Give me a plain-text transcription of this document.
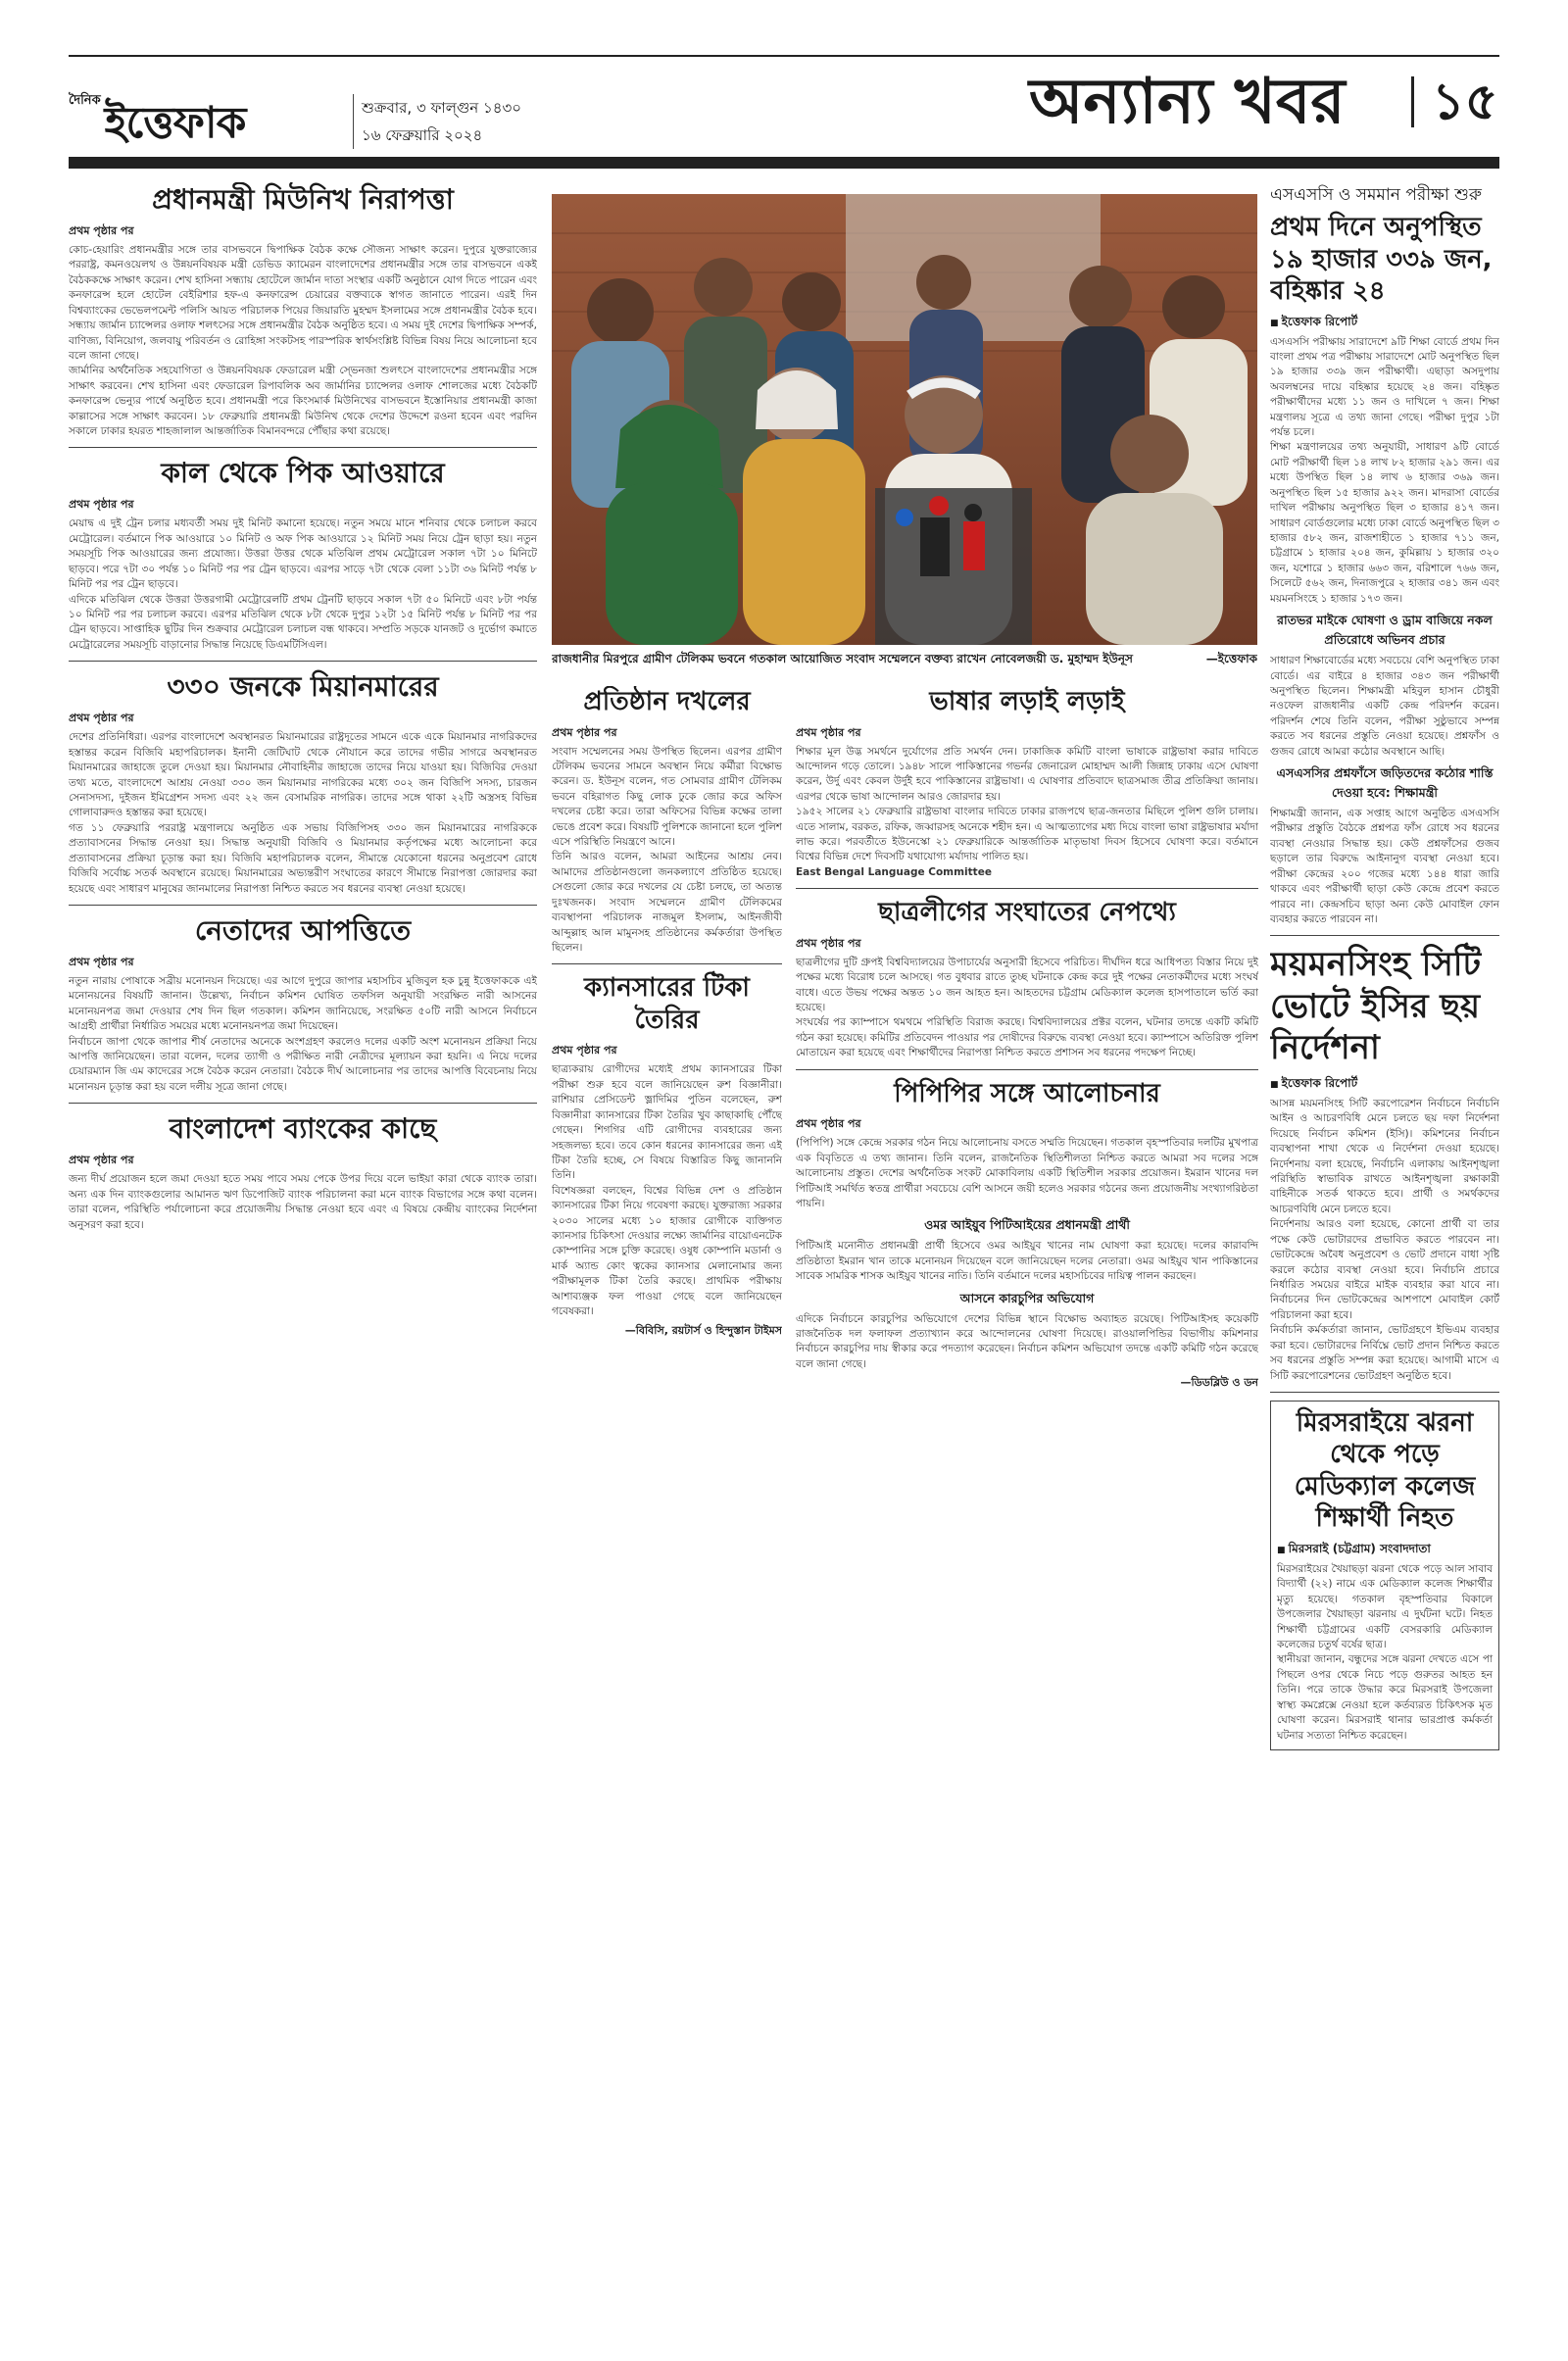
দৈনিক ইত্তেফাক	শুক্রবার, ৩ ফাল্গুন ১৪৩০
১৬ ফেব্রুয়ারি ২০২৪	অন্যান্য খবর	১৫
প্রধানমন্ত্রী মিউনিখ নিরাপত্তা
প্রথম পৃষ্ঠার পর

কোচ-হেয়ারিং প্রধানমন্ত্রীর সঙ্গে তার বাসভবনে দ্বিপাক্ষিক বৈঠক কক্ষে সৌজন্য সাক্ষাৎ করেন। দুপুরে যুক্তরাজ্যের পররাষ্ট্র, কমনওয়েলথ ও উন্নয়নবিষয়ক মন্ত্রী ডেভিড ক্যামেরন বাংলাদেশের প্রধানমন্ত্রীর সঙ্গে তার বাসভবনে একই বৈঠককক্ষে সাক্ষাৎ করেন। শেখ হাসিনা সন্ধ্যায় হোটেলে জার্মান দাতা সংস্থার একটি অনুষ্ঠানে যোগ দিতে পারেন এবং কনফারেন্স হলে হোটেল বেইরিশার হফ-এ কনফারেন্স চেয়ারের বক্তব্যকে স্বাগত জানাতে পারেন। এরই দিন বিশ্বব্যাংকের ভেভেলপমেন্ট পলিসি আয়ত পরিচালক পিয়ের জিয়ারতি মুহম্মদ ইসলামের সঙ্গে প্রধানমন্ত্রীর বৈঠক হবে। সন্ধ্যায় জার্মান চ্যান্সেলর ওলাফ শলৎসের সঙ্গে প্রধানমন্ত্রীর বৈঠক অনুষ্ঠিত হবে। এ সময় দুই দেশের দ্বিপাক্ষিক সম্পর্ক, বাণিজ্য, বিনিয়োগ, জলবায়ু পরিবর্তন ও রোহিঙ্গা সংকটসহ পারস্পরিক স্বার্থসংশ্লিষ্ট বিভিন্ন বিষয় নিয়ে আলোচনা হবে বলে জানা গেছে।

জার্মানির অর্থনৈতিক সহযোগিতা ও উন্নয়নবিষয়ক ফেডারেল মন্ত্রী স্ভেনজা শুলৎসে বাংলাদেশের প্রধানমন্ত্রীর সঙ্গে সাক্ষাৎ করবেন। শেখ হাসিনা এবং ফেডারেল রিপাবলিক অব জার্মানির চ্যান্সেলর ওলাফ শোলজের মধ্যে বৈঠকটি কনফারেন্স ভেন্যুর পার্শ্বে অনুষ্ঠিত হবে। প্রধানমন্ত্রী পরে কিংসমার্ক মিউনিখের বাসভবনে ইস্তোনিয়ার প্রধানমন্ত্রী কাজা কাল্লাসের সঙ্গে সাক্ষাৎ করবেন। ১৮ ফেব্রুয়ারি প্রধানমন্ত্রী মিউনিখ থেকে দেশের উদ্দেশে রওনা হবেন এবং পরদিন সকালে ঢাকার হযরত শাহজালাল আন্তর্জাতিক বিমানবন্দরে পৌঁছার কথা রয়েছে।

কাল থেকে পিক আওয়ারে
প্রথম পৃষ্ঠার পর

মেয়াদ্ব এ দুই ট্রেন চলার মধ্যবর্তী সময় দুই মিনিট কমানো হয়েছে। নতুন সময়ে মানে শনিবার থেকে চলাচল করবে মেট্রোরেল। বর্তমানে পিক আওয়ারে ১০ মিনিট ও অফ পিক আওয়ারে ১২ মিনিট সময় নিয়ে ট্রেন ছাড়া হয়। নতুন সময়সূচি পিক আওয়ারের জন্য প্রযোজ্য। উত্তরা উত্তর থেকে মতিঝিল প্রথম মেট্রোরেল সকাল ৭টা ১০ মিনিটে ছাড়বে। পরে ৭টা ৩০ পর্যন্ত ১০ মিনিট পর পর ট্রেন ছাড়বে। এরপর সাড়ে ৭টা থেকে বেলা ১১টা ৩৬ মিনিট পর্যন্ত ৮ মিনিট পর পর ট্রেন ছাড়বে।

এদিকে মতিঝিল থেকে উত্তরা উত্তরগামী মেট্রোরেলটি প্রথম ট্রেনটি ছাড়বে সকাল ৭টা ৫০ মিনিটে এবং ৮টা পর্যন্ত ১০ মিনিট পর পর চলাচল করবে। এরপর মতিঝিল থেকে ৮টা থেকে দুপুর ১২টা ১৫ মিনিট পর্যন্ত ৮ মিনিট পর পর ট্রেন ছাড়বে। সাপ্তাহিক ছুটির দিন শুক্রবার মেট্রোরেল চলাচল বন্ধ থাকবে। সম্প্রতি সড়কে যানজট ও দুর্ভোগ কমাতে মেট্রোরেলের সময়সূচি বাড়ানোর সিদ্ধান্ত নিয়েছে ডিএমটিসিএল।

৩৩০ জনকে মিয়ানমারের
প্রথম পৃষ্ঠার পর

দেশের প্রতিনিধিরা। এরপর বাংলাদেশে অবস্থানরত মিয়ানমারের রাষ্ট্রদূতের সামনে একে একে মিয়ানমার নাগরিকদের হস্তান্তর করেন বিজিবি মহাপরিচালক। ইনানী জেটিঘাট থেকে নৌযানে করে তাদের গভীর সাগরে অবস্থানরত মিয়ানমারের জাহাজে তুলে দেওয়া হয়। মিয়ানমার নৌবাহিনীর জাহাজে তাদের নিয়ে যাওয়া হয়। বিজিবির দেওয়া তথ্য মতে, বাংলাদেশে আশ্রয় নেওয়া ৩৩০ জন মিয়ানমার নাগরিকের মধ্যে ৩০২ জন বিজিপি সদস্য, চারজন সেনাসদস্য, দুইজন ইমিগ্রেশন সদস্য এবং ২২ জন বেসামরিক নাগরিক। তাদের সঙ্গে থাকা ২২টি অস্ত্রসহ বিভিন্ন গোলাবারুদও হস্তান্তর করা হয়েছে।

গত ১১ ফেব্রুয়ারি পররাষ্ট্র মন্ত্রণালয়ে অনুষ্ঠিত এক সভায় বিজিপিসহ ৩৩০ জন মিয়ানমারের নাগরিককে প্রত্যাবাসনের সিদ্ধান্ত নেওয়া হয়। সিদ্ধান্ত অনুযায়ী বিজিবি ও মিয়ানমার কর্তৃপক্ষের মধ্যে আলোচনা করে প্রত্যাবাসনের প্রক্রিয়া চূড়ান্ত করা হয়। বিজিবি মহাপরিচালক বলেন, সীমান্তে যেকোনো ধরনের অনুপ্রবেশ রোধে বিজিবি সর্বোচ্চ সতর্ক অবস্থানে রয়েছে। মিয়ানমারের অভ্যন্তরীণ সংঘাতের কারণে সীমান্তে নিরাপত্তা জোরদার করা হয়েছে এবং সাধারণ মানুষের জানমালের নিরাপত্তা নিশ্চিত করতে সব ধরনের ব্যবস্থা নেওয়া হয়েছে।

নেতাদের আপত্তিতে
প্রথম পৃষ্ঠার পর

নতুন নারায় পোষাকে সব্রীয় মনোনয়ন দিয়েছে। এর আগে দুপুরে জাপার মহাসচিব মুজিবুল হক চুন্নু ইত্তেফাককে এই মনোনয়নের বিষয়টি জানান। উল্লেখ্য, নির্বাচন কমিশন ঘোষিত তফসিল অনুযায়ী সংরক্ষিত নারী আসনের মনোনয়নপত্র জমা দেওয়ার শেষ দিন ছিল গতকাল। কমিশন জানিয়েছে, সংরক্ষিত ৫০টি নারী আসনে নির্বাচনে আগ্রহী প্রার্থীরা নির্ধারিত সময়ের মধ্যে মনোনয়নপত্র জমা দিয়েছেন।

নির্বাচনে জাপা থেকে জাপার শীর্ষ নেতাদের অনেকে অংশগ্রহণ করলেও দলের একটি অংশ মনোনয়ন প্রক্রিয়া নিয়ে আপত্তি জানিয়েছেন। তারা বলেন, দলের ত্যাগী ও পরীক্ষিত নারী নেত্রীদের মূল্যায়ন করা হয়নি। এ নিয়ে দলের চেয়ারম্যান জি এম কাদেরের সঙ্গে বৈঠক করেন নেতারা। বৈঠকে দীর্ঘ আলোচনার পর তাদের আপত্তি বিবেচনায় নিয়ে মনোনয়ন চূড়ান্ত করা হয় বলে দলীয় সূত্রে জানা গেছে।

বাংলাদেশ ব্যাংকের কাছে
প্রথম পৃষ্ঠার পর

জন্য দীর্ঘ প্রয়োজন হলে জমা দেওয়া হতে সময় পাবে সময় পেকে উপর দিয়ে বলে ভাইয়া কারা থেকে ব্যাংক তারা। অন্য এক দিন ব্যাংকগুলোর আমানত ঋণ ডিপোজিট ব্যাংক পরিচালনা করা মনে ব্যাংক বিভাগের সঙ্গে কথা বলেন। তারা বলেন, পরিস্থিতি পর্যালোচনা করে প্রয়োজনীয় সিদ্ধান্ত নেওয়া হবে এবং এ বিষয়ে কেন্দ্রীয় ব্যাংকের নির্দেশনা অনুসরণ করা হবে।

রাজধানীর মিরপুরে গ্রামীণ টেলিকম ভবনে গতকাল আয়োজিত সংবাদ সম্মেলনে বক্তব্য রাখেন নোবেলজয়ী ড. মুহাম্মদ ইউনূস	—ইত্তেফাক
প্রতিষ্ঠান দখলের
প্রথম পৃষ্ঠার পর

সংবাদ সম্মেলনের সময় উপস্থিত ছিলেন। এরপর গ্রামীণ টেলিকম ভবনের সামনে অবস্থান নিয়ে কর্মীরা বিক্ষোভ করেন। ড. ইউনূস বলেন, গত সোমবার গ্রামীণ টেলিকম ভবনে বহিরাগত কিছু লোক ঢুকে জোর করে অফিস দখলের চেষ্টা করে। তারা অফিসের বিভিন্ন কক্ষের তালা ভেঙে প্রবেশ করে। বিষয়টি পুলিশকে জানানো হলে পুলিশ এসে পরিস্থিতি নিয়ন্ত্রণে আনে।

তিনি আরও বলেন, আমরা আইনের আশ্রয় নেব। আমাদের প্রতিষ্ঠানগুলো জনকল্যাণে প্রতিষ্ঠিত হয়েছে। সেগুলো জোর করে দখলের যে চেষ্টা চলছে, তা অত্যন্ত দুঃখজনক। সংবাদ সম্মেলনে গ্রামীণ টেলিকমের ব্যবস্থাপনা পরিচালক নাজমুল ইসলাম, আইনজীবী আব্দুল্লাহ আল মামুনসহ প্রতিষ্ঠানের কর্মকর্তারা উপস্থিত ছিলেন।

ক্যানসারের টিকা তৈরির
প্রথম পৃষ্ঠার পর

ছাত্র্যকরায় রোগীদের মধ্যেই প্রথম ক্যানসারের টিকা পরীক্ষা শুরু হবে বলে জানিয়েছেন রুশ বিজ্ঞানীরা। রাশিয়ার প্রেসিডেন্ট ভ্লাদিমির পুতিন বলেছেন, রুশ বিজ্ঞানীরা ক্যানসারের টিকা তৈরির খুব কাছাকাছি পৌঁছে গেছেন। শিগগির এটি রোগীদের ব্যবহারের জন্য সহজলভ্য হবে। তবে কোন ধরনের ক্যানসারের জন্য এই টিকা তৈরি হচ্ছে, সে বিষয়ে বিস্তারিত কিছু জানাননি তিনি।

বিশেষজ্ঞরা বলছেন, বিশ্বের বিভিন্ন দেশ ও প্রতিষ্ঠান ক্যানসারের টিকা নিয়ে গবেষণা করছে। যুক্তরাজ্য সরকার ২০৩০ সালের মধ্যে ১০ হাজার রোগীকে ব্যক্তিগত ক্যানসার চিকিৎসা দেওয়ার লক্ষ্যে জার্মানির বায়োএনটেক কোম্পানির সঙ্গে চুক্তি করেছে। ওষুধ কোম্পানি মডার্না ও মার্ক অ্যান্ড কোং ত্বকের ক্যানসার মেলানোমার জন্য পরীক্ষামূলক টিকা তৈরি করছে। প্রাথমিক পরীক্ষায় আশাব্যঞ্জক ফল পাওয়া গেছে বলে জানিয়েছেন গবেষকরা।

—বিবিসি, রয়টার্স ও হিন্দুস্তান টাইমস
ভাষার লড়াই লড়াই
প্রথম পৃষ্ঠার পর

শিক্ষার মূল উদ্ভ সমর্থনে দুর্যোগের প্রতি সমর্থন দেন। ঢাকাজিক কমিটি বাংলা ভাষাকে রাষ্ট্রভাষা করার দাবিতে আন্দোলন গড়ে তোলে। ১৯৪৮ সালে পাকিস্তানের গভর্নর জেনারেল মোহাম্মদ আলী জিন্নাহ ঢাকায় এসে ঘোষণা করেন, উর্দু এবং কেবল উর্দুই হবে পাকিস্তানের রাষ্ট্রভাষা। এ ঘোষণার প্রতিবাদে ছাত্রসমাজ তীব্র প্রতিক্রিয়া জানায়। এরপর থেকে ভাষা আন্দোলন আরও জোরদার হয়।

১৯৫২ সালের ২১ ফেব্রুয়ারি রাষ্ট্রভাষা বাংলার দাবিতে ঢাকার রাজপথে ছাত্র-জনতার মিছিলে পুলিশ গুলি চালায়। এতে সালাম, বরকত, রফিক, জব্বারসহ অনেকে শহীদ হন। এ আত্মত্যাগের মধ্য দিয়ে বাংলা ভাষা রাষ্ট্রভাষার মর্যাদা লাভ করে। পরবর্তীতে ইউনেস্কো ২১ ফেব্রুয়ারিকে আন্তর্জাতিক মাতৃভাষা দিবস হিসেবে ঘোষণা করে। বর্তমানে বিশ্বের বিভিন্ন দেশে দিবসটি যথাযোগ্য মর্যাদায় পালিত হয়।

East Bengal Language Committee

ছাত্রলীগের সংঘাতের নেপথ্যে
প্রথম পৃষ্ঠার পর

ছাত্রলীগের দুটি গ্রুপই বিশ্ববিদ্যালয়ের উপাচার্যের অনুসারী হিসেবে পরিচিত। দীর্ঘদিন ধরে আধিপত্য বিস্তার নিয়ে দুই পক্ষের মধ্যে বিরোধ চলে আসছে। গত বুধবার রাতে তুচ্ছ ঘটনাকে কেন্দ্র করে দুই পক্ষের নেতাকর্মীদের মধ্যে সংঘর্ষ বাধে। এতে উভয় পক্ষের অন্তত ১০ জন আহত হন। আহতদের চট্টগ্রাম মেডিক্যাল কলেজ হাসপাতালে ভর্তি করা হয়েছে।

সংঘর্ষের পর ক্যাম্পাসে থমথমে পরিস্থিতি বিরাজ করছে। বিশ্ববিদ্যালয়ের প্রক্টর বলেন, ঘটনার তদন্তে একটি কমিটি গঠন করা হয়েছে। কমিটির প্রতিবেদন পাওয়ার পর দোষীদের বিরুদ্ধে ব্যবস্থা নেওয়া হবে। ক্যাম্পাসে অতিরিক্ত পুলিশ মোতায়েন করা হয়েছে এবং শিক্ষার্থীদের নিরাপত্তা নিশ্চিত করতে প্রশাসন সব ধরনের পদক্ষেপ নিচ্ছে।

পিপিপির সঙ্গে আলোচনার
প্রথম পৃষ্ঠার পর

(পিপিপি) সঙ্গে কেন্দ্রে সরকার গঠন নিয়ে আলোচনায় বসতে সম্মতি দিয়েছেন। গতকাল বৃহস্পতিবার দলটির মুখপাত্র এক বিবৃতিতে এ তথ্য জানান। তিনি বলেন, রাজনৈতিক স্থিতিশীলতা নিশ্চিত করতে আমরা সব দলের সঙ্গে আলোচনায় প্রস্তুত। দেশের অর্থনৈতিক সংকট মোকাবিলায় একটি স্থিতিশীল সরকার প্রয়োজন। ইমরান খানের দল পিটিআই সমর্থিত স্বতন্ত্র প্রার্থীরা সবচেয়ে বেশি আসনে জয়ী হলেও সরকার গঠনের জন্য প্রয়োজনীয় সংখ্যাগরিষ্ঠতা পায়নি।

ওমর আইয়ুব পিটিআইয়ের প্রধানমন্ত্রী প্রার্থী

পিটিআই মনোনীত প্রধানমন্ত্রী প্রার্থী হিসেবে ওমর আইয়ুব খানের নাম ঘোষণা করা হয়েছে। দলের কারাবন্দি প্রতিষ্ঠাতা ইমরান খান তাকে মনোনয়ন দিয়েছেন বলে জানিয়েছেন দলের নেতারা। ওমর আইয়ুব খান পাকিস্তানের সাবেক সামরিক শাসক আইয়ুব খানের নাতি। তিনি বর্তমানে দলের মহাসচিবের দায়িত্ব পালন করছেন।

আসনে কারচুপির অভিযোগ

এদিকে নির্বাচনে কারচুপির অভিযোগে দেশের বিভিন্ন স্থানে বিক্ষোভ অব্যাহত রয়েছে। পিটিআইসহ কয়েকটি রাজনৈতিক দল ফলাফল প্রত্যাখ্যান করে আন্দোলনের ঘোষণা দিয়েছে। রাওয়ালপিন্ডির বিভাগীয় কমিশনার নির্বাচনে কারচুপির দায় স্বীকার করে পদত্যাগ করেছেন। নির্বাচন কমিশন অভিযোগ তদন্তে একটি কমিটি গঠন করেছে বলে জানা গেছে।

—ডিডব্লিউ ও ডন
এসএসসি ও সমমান পরীক্ষা শুরু
প্রথম দিনে অনুপস্থিত ১৯ হাজার ৩৩৯ জন, বহিষ্কার ২৪
■ ইত্তেফাক রিপোর্ট

এসএসসি পরীক্ষায় সারাদেশে ৯টি শিক্ষা বোর্ডে প্রথম দিন বাংলা প্রথম পত্র পরীক্ষায় সারাদেশে মোট অনুপস্থিত ছিল ১৯ হাজার ৩৩৯ জন পরীক্ষার্থী। এছাড়া অসদুপায় অবলম্বনের দায়ে বহিষ্কার হয়েছে ২৪ জন। বহিষ্কৃত পরীক্ষার্থীদের মধ্যে ১১ জন ও দাখিলে ৭ জন। শিক্ষা মন্ত্রণালয় সূত্রে এ তথ্য জানা গেছে। পরীক্ষা দুপুর ১টা পর্যন্ত চলে।

শিক্ষা মন্ত্রণালয়ের তথ্য অনুযায়ী, সাধারণ ৯টি বোর্ডে মোট পরীক্ষার্থী ছিল ১৪ লাখ ৮২ হাজার ২৯১ জন। এর মধ্যে উপস্থিত ছিল ১৪ লাখ ৬ হাজার ৩৬৯ জন। অনুপস্থিত ছিল ১৫ হাজার ৯২২ জন। মাদরাসা বোর্ডের দাখিল পরীক্ষায় অনুপস্থিত ছিল ৩ হাজার ৪১৭ জন। সাধারণ বোর্ডগুলোর মধ্যে ঢাকা বোর্ডে অনুপস্থিত ছিল ৩ হাজার ৫৮২ জন, রাজশাহীতে ১ হাজার ৭১১ জন, চট্টগ্রামে ১ হাজার ২০৪ জন, কুমিল্লায় ১ হাজার ৩২০ জন, যশোরে ১ হাজার ৬৬৩ জন, বরিশালে ৭৬৬ জন, সিলেটে ৫৬২ জন, দিনাজপুরে ২ হাজার ৩৪১ জন এবং ময়মনসিংহে ১ হাজার ১৭৩ জন।

রাতভর মাইকে ঘোষণা ও ড্রাম বাজিয়ে নকল প্রতিরোধে অভিনব প্রচার

সাধারণ শিক্ষাবোর্ডের মধ্যে সবচেয়ে বেশি অনুপস্থিত ঢাকা বোর্ডে। এর বাইরে ৪ হাজার ৩৪৩ জন পরীক্ষার্থী অনুপস্থিত ছিলেন। শিক্ষামন্ত্রী মহিবুল হাসান চৌধুরী নওফেল রাজধানীর একটি কেন্দ্র পরিদর্শন করেন। পরিদর্শন শেষে তিনি বলেন, পরীক্ষা সুষ্ঠুভাবে সম্পন্ন করতে সব ধরনের প্রস্তুতি নেওয়া হয়েছে। প্রশ্নফাঁস ও গুজব রোধে আমরা কঠোর অবস্থানে আছি।

এসএসসির প্রশ্নফাঁসে জড়িতদের কঠোর শাস্তি দেওয়া হবে: শিক্ষামন্ত্রী

শিক্ষামন্ত্রী জানান, এক সপ্তাহ আগে অনুষ্ঠিত এসএসসি পরীক্ষার প্রস্তুতি বৈঠকে প্রশ্নপত্র ফাঁস রোধে সব ধরনের ব্যবস্থা নেওয়ার সিদ্ধান্ত হয়। কেউ প্রশ্নফাঁসের গুজব ছড়ালে তার বিরুদ্ধে আইনানুগ ব্যবস্থা নেওয়া হবে। পরীক্ষা কেন্দ্রের ২০০ গজের মধ্যে ১৪৪ ধারা জারি থাকবে এবং পরীক্ষার্থী ছাড়া কেউ কেন্দ্রে প্রবেশ করতে পারবে না। কেন্দ্রসচিব ছাড়া অন্য কেউ মোবাইল ফোন ব্যবহার করতে পারবেন না।

ময়মনসিংহ সিটি ভোটে ইসির ছয় নির্দেশনা
■ ইত্তেফাক রিপোর্ট

আসন্ন ময়মনসিংহ সিটি করপোরেশন নির্বাচনে নির্বাচনি আইন ও আচরণবিধি মেনে চলতে ছয় দফা নির্দেশনা দিয়েছে নির্বাচন কমিশন (ইসি)। কমিশনের নির্বাচন ব্যবস্থাপনা শাখা থেকে এ নির্দেশনা দেওয়া হয়েছে। নির্দেশনায় বলা হয়েছে, নির্বাচনি এলাকায় আইনশৃঙ্খলা পরিস্থিতি স্বাভাবিক রাখতে আইনশৃঙ্খলা রক্ষাকারী বাহিনীকে সতর্ক থাকতে হবে। প্রার্থী ও সমর্থকদের আচরণবিধি মেনে চলতে হবে।

নির্দেশনায় আরও বলা হয়েছে, কোনো প্রার্থী বা তার পক্ষে কেউ ভোটারদের প্রভাবিত করতে পারবেন না। ভোটকেন্দ্রে অবৈধ অনুপ্রবেশ ও ভোট প্রদানে বাধা সৃষ্টি করলে কঠোর ব্যবস্থা নেওয়া হবে। নির্বাচনি প্রচারে নির্ধারিত সময়ের বাইরে মাইক ব্যবহার করা যাবে না। নির্বাচনের দিন ভোটকেন্দ্রের আশপাশে মোবাইল কোর্ট পরিচালনা করা হবে।

নির্বাচনি কর্মকর্তারা জানান, ভোটগ্রহণে ইভিএম ব্যবহার করা হবে। ভোটারদের নির্বিঘ্নে ভোট প্রদান নিশ্চিত করতে সব ধরনের প্রস্তুতি সম্পন্ন করা হয়েছে। আগামী মাসে এ সিটি করপোরেশনের ভোটগ্রহণ অনুষ্ঠিত হবে।

মিরসরাইয়ে ঝরনা থেকে পড়ে মেডিক্যাল কলেজ শিক্ষার্থী নিহত
■ মিরসরাই (চট্টগ্রাম) সংবাদদাতা

মিরসরাইয়ের খৈয়াছড়া ঝরনা থেকে পড়ে আল সাবাব বিদ্যার্থী (২২) নামে এক মেডিক্যাল কলেজ শিক্ষার্থীর মৃত্যু হয়েছে। গতকাল বৃহস্পতিবার বিকালে উপজেলার খৈয়াছড়া ঝরনায় এ দুর্ঘটনা ঘটে। নিহত শিক্ষার্থী চট্টগ্রামের একটি বেসরকারি মেডিক্যাল কলেজের চতুর্থ বর্ষের ছাত্র।

স্থানীয়রা জানান, বন্ধুদের সঙ্গে ঝরনা দেখতে এসে পা পিছলে ওপর থেকে নিচে পড়ে গুরুতর আহত হন তিনি। পরে তাকে উদ্ধার করে মিরসরাই উপজেলা স্বাস্থ্য কমপ্লেক্সে নেওয়া হলে কর্তব্যরত চিকিৎসক মৃত ঘোষণা করেন। মিরসরাই থানার ভারপ্রাপ্ত কর্মকর্তা ঘটনার সত্যতা নিশ্চিত করেছেন।
